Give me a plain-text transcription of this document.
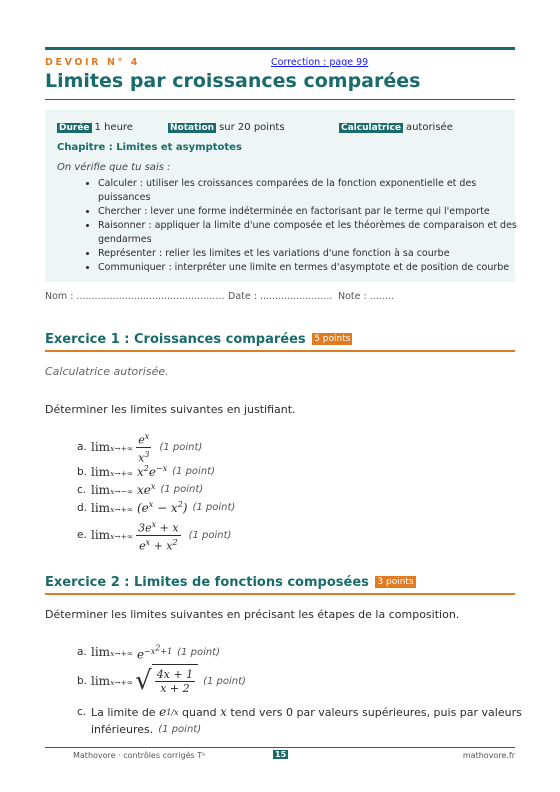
DEVOIR N° 4	Correction : page 99
Limites par croissances comparées
Durée 1 heure	Notation sur 20 points	Calculatrice autorisée
Chapitre : Limites et asymptotes
On vérifie que tu sais :
• Calculer : utiliser les croissances comparées de la fonction exponentielle et des puissances
• Chercher : lever une forme indéterminée en factorisant par le terme qui l'emporte
• Raisonner : appliquer la limite d'une composée et les théorèmes de comparaison et des gendarmes
• Représenter : relier les limites et les variations d'une fonction à sa courbe
• Communiquer : interpréter une limite en termes d'asymptote et de position de courbe
Nom : ................................................. Date : ........................ Note : ........
Exercice 1 : Croissances comparées 5 points
Calculatrice autorisée.
Déterminer les limites suivantes en justifiant.
a. $\lim x\to+\infty \frac{e^x}{x^3} (1$ point)
b. lim x→+∞
$x^2e^{-x}$ (1 point)
c. lim x→−∞
$xe^x$ (1 point)
d. lim x→+∞
$(e^x - x^2)$ (1 point)
e. $\lim x\to+\infty \frac{3e^x + x}{e^x + x^2} (1$ point)
Exercice 2 : Limites de fonctions composées 3 points
Déterminer les limites suivantes en précisant les étapes de la composition.
a. lim x→+∞
$e^{-x^2+1}$ (1 point)
b. lim x→+∞ √ $\frac{4x + 1}{x + 2} (1$ point)
c. La limite de
e 1/x
quand
x
tend vers 0 par valeurs supérieures, puis par valeurs
inférieures. (1 point)
Mathovore · contrôles corrigés Tᵉ	15	mathovore.fr
